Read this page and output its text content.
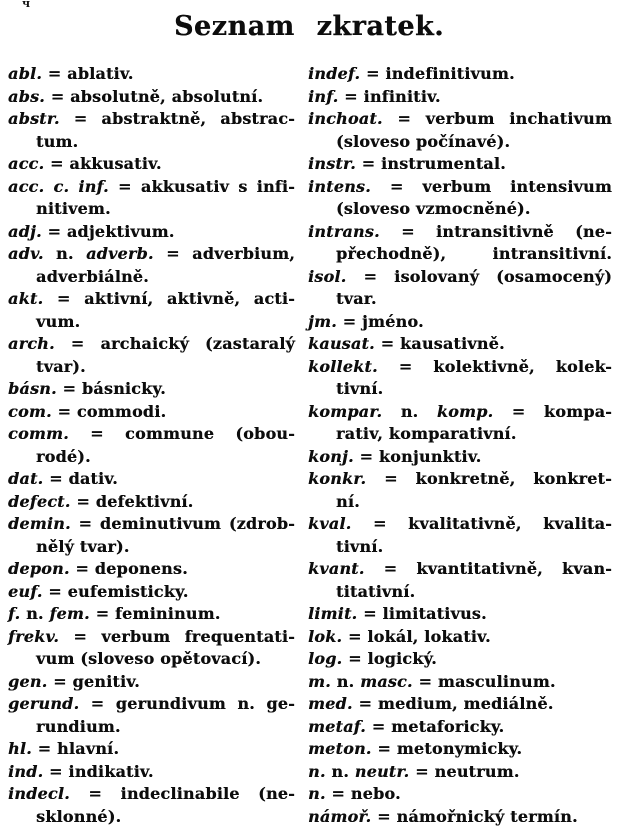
ч
Seznam zkratek.
abl. = ablativ.
abs. = absolutně, absolutní.
abstr. = abstraktně, abstrac-
tum.
acc. = akkusativ.
acc. c. inf. = akkusativ s infi-
nitivem.
adj. = adjektivum.
adv. n. adverb. = adverbium,
adverbiálně.
akt. = aktivní, aktivně, acti-
vum.
arch. = archaický (zastaralý
tvar).
básn. = básnicky.
com. = commodi.
comm. = commune (obou-
rodé).
dat. = dativ.
defect. = defektivní.
demin. = deminutivum (zdrob-
nělý tvar).
depon. = deponens.
euf. = eufemisticky.
f. n. fem. = femininum.
frekv. = verbum frequentati-
vum (sloveso opětovací).
gen. = genitiv.
gerund. = gerundivum n. ge-
rundium.
hl. = hlavní.
ind. = indikativ.
indecl. = indeclinabile (ne-
sklonné).
indef. = indefinitivum.
inf. = infinitiv.
inchoat. = verbum inchativum
(sloveso počínavé).
instr. = instrumental.
intens. = verbum intensivum
(sloveso vzmocněné).
intrans. = intransitivně (ne-
přechodně), intransitivní.
isol. = isolovaný (osamocený)
tvar.
jm. = jméno.
kausat. = kausativně.
kollekt. = kolektivně, kolek-
tivní.
kompar. n. komp. = kompa-
rativ, komparativní.
konj. = konjunktiv.
konkr. = konkretně, konkret-
ní.
kval. = kvalitativně, kvalita-
tivní.
kvant. = kvantitativně, kvan-
titativní.
limit. = limitativus.
lok. = lokál, lokativ.
log. = logický.
m. n. masc. = masculinum.
med. = medium, mediálně.
metaf. = metaforicky.
meton. = metonymicky.
n. n. neutr. = neutrum.
n. = nebo.
námoř. = námořnický termín.
